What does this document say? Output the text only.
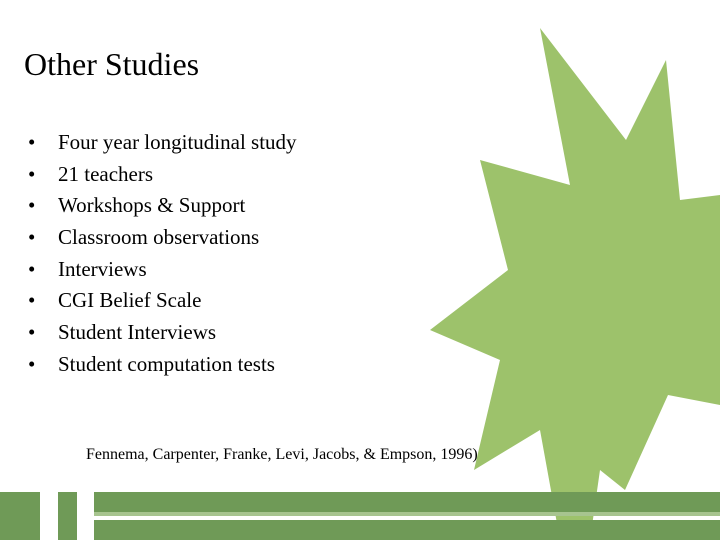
Other Studies
•	Four year longitudinal study
•	21 teachers
•	Workshops & Support
•	Classroom observations
•	Interviews
•	CGI Belief Scale
•	Student Interviews
•	Student computation tests
Fennema, Carpenter, Franke, Levi, Jacobs, & Empson, 1996)
